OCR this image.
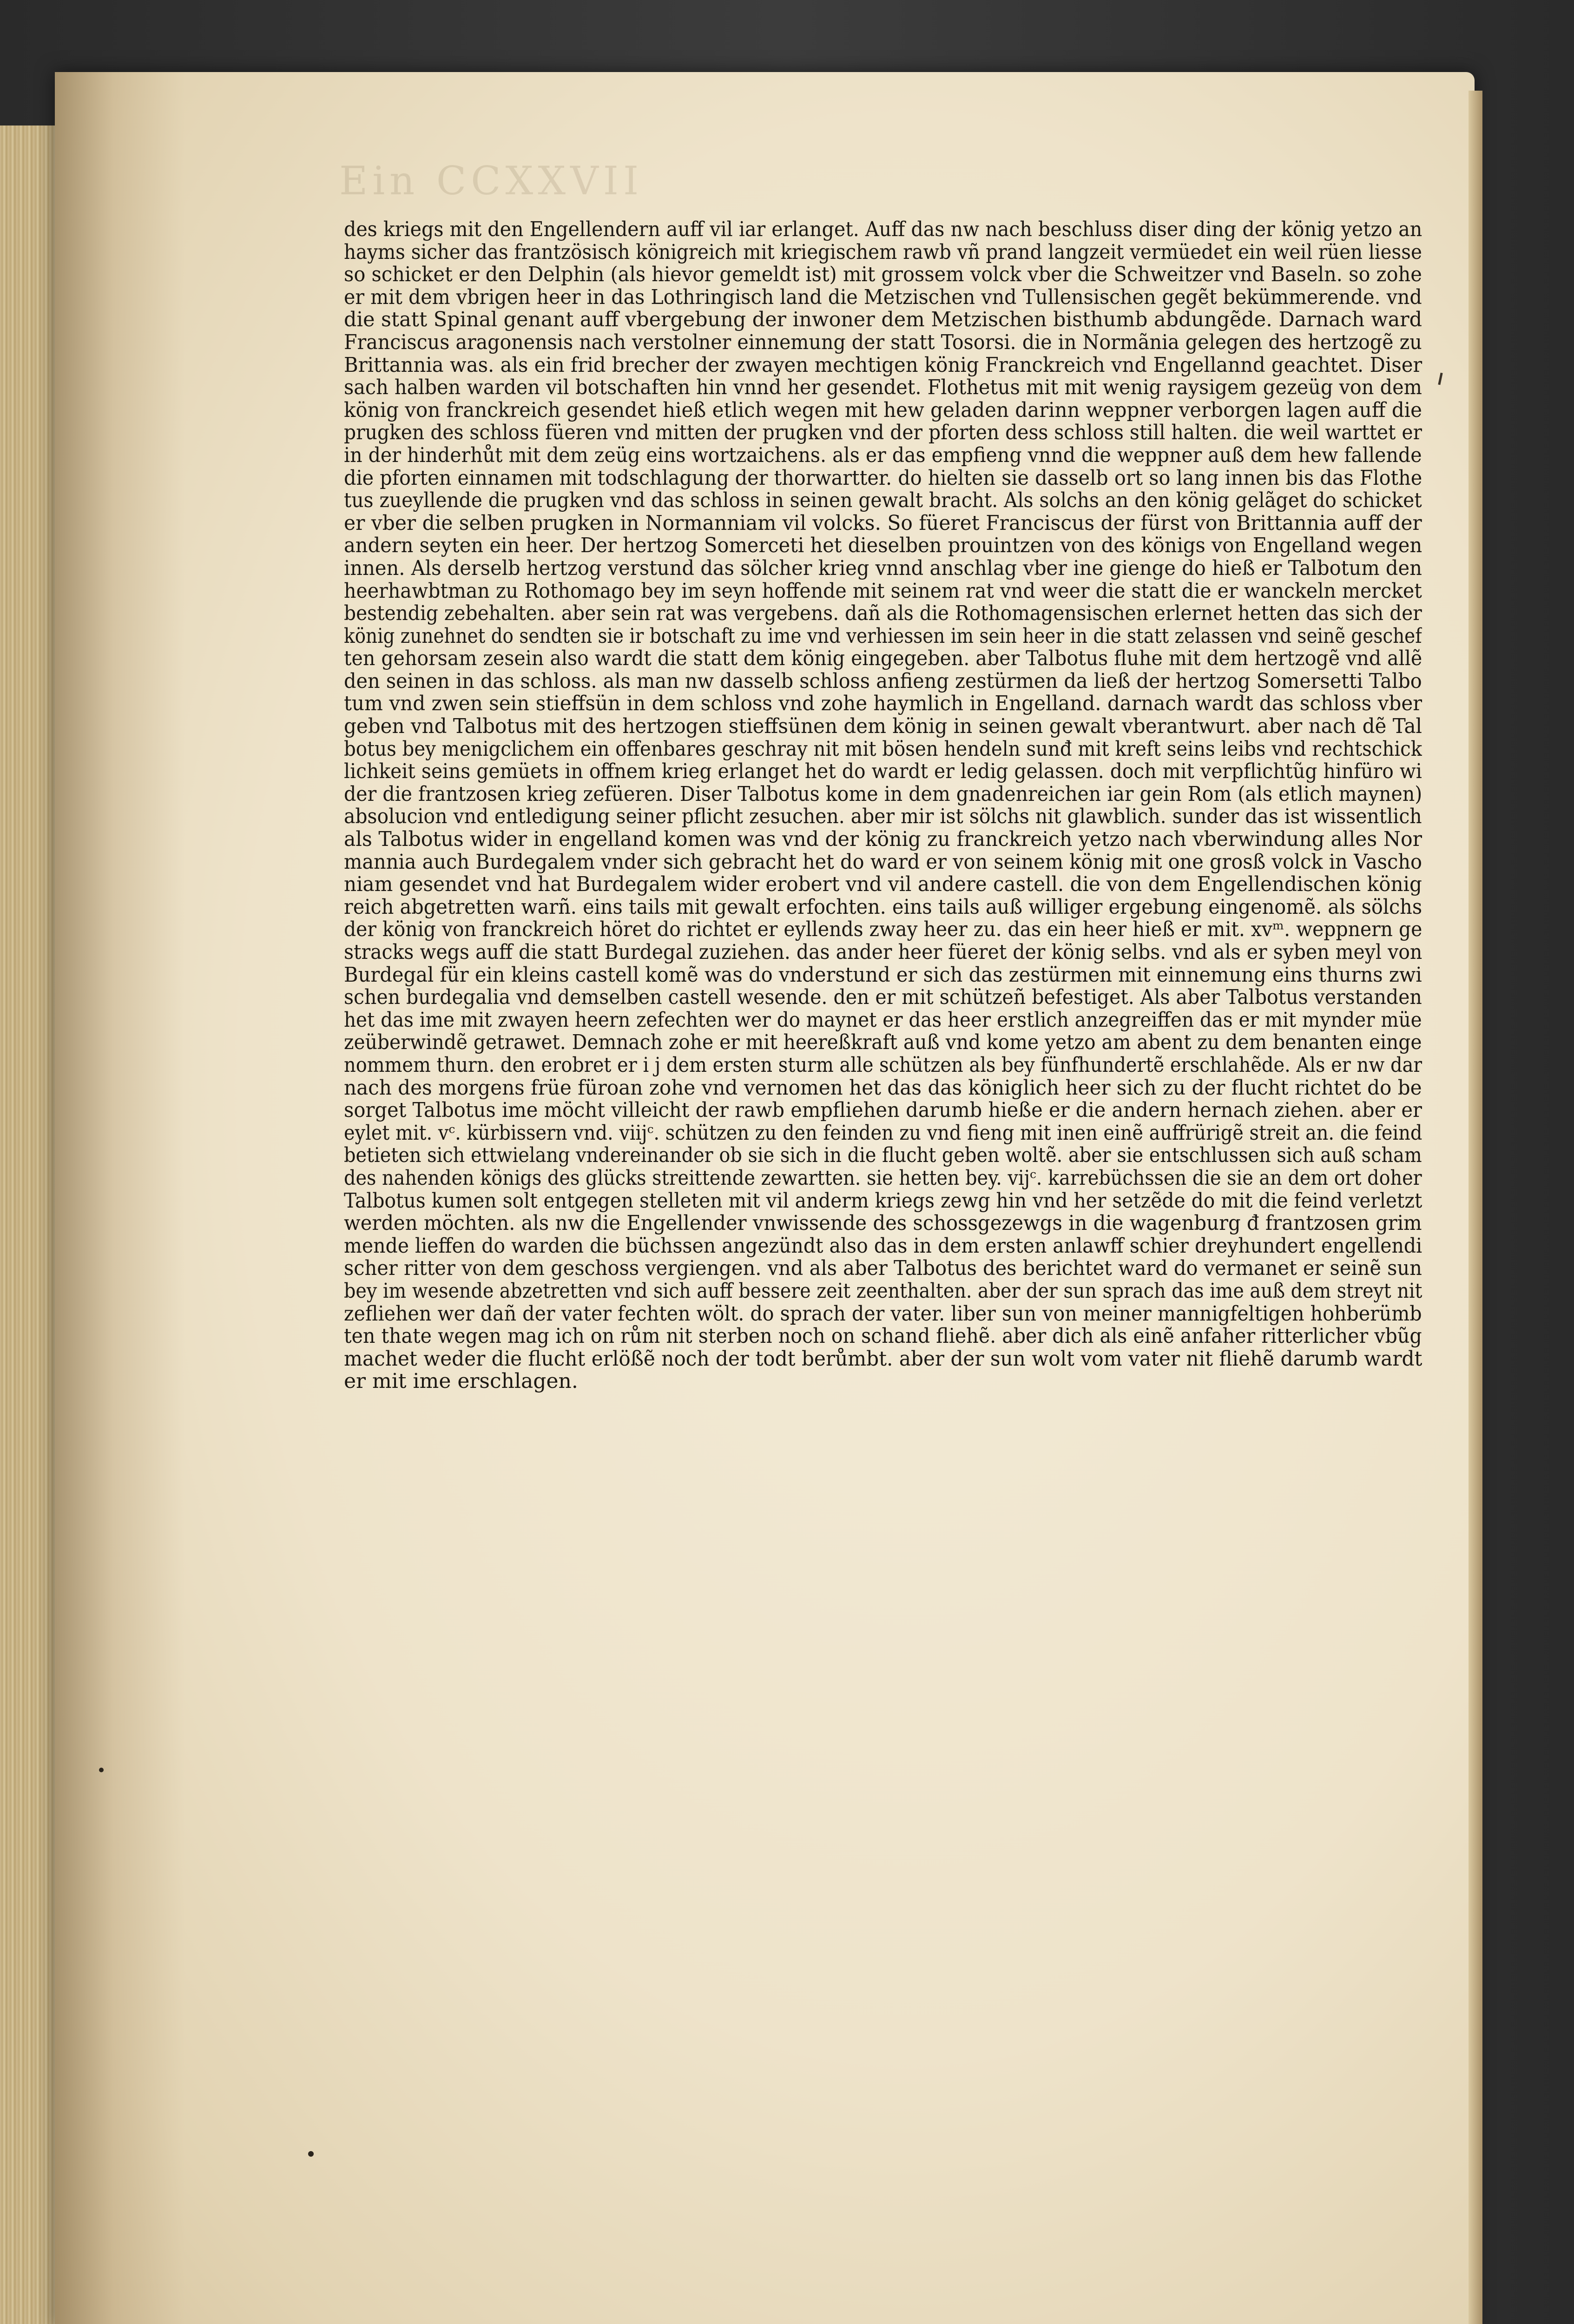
Ein CCXXVII
des kriegs mit den Engellendern auff vil iar erlanget. Auff das nw nach beschluss diser ding der könig yetzo an
hayms sicher das frantzösisch königreich mit kriegischem rawb vñ prand langzeit vermüedet ein weil rüen liesse
so schicket er den Delphin (als hievor gemeldt ist) mit grossem volck vber die Schweitzer vnd Baseln. so zohe
er mit dem vbrigen heer in das Lothringisch land die Metzischen vnd Tullensischen gegẽt bekümmerende. vnd
die statt Spinal genant auff vbergebung der inwoner dem Metzischen bisthumb abdungẽde. Darnach ward
Franciscus aragonensis nach verstolner einnemung der statt Tosorsi. die in Normãnia gelegen des hertzogẽ zu
Brittannia was. als ein frid brecher der zwayen mechtigen könig Franckreich vnd Engellannd geachtet. Diser
sach halben warden vil botschaften hin vnnd her gesendet. Flothetus mit mit wenig raysigem gezeüg von dem
könig von franckreich gesendet hieß etlich wegen mit hew geladen darinn weppner verborgen lagen auff die
prugken des schloss füeren vnd mitten der prugken vnd der pforten dess schloss still halten. die weil warttet er
in der hinderhůt mit dem zeüg eins wortzaichens. als er das empfieng vnnd die weppner auß dem hew fallende
die pforten einnamen mit todschlagung der thorwartter. do hielten sie dasselb ort so lang innen bis das Flothe
tus zueyllende die prugken vnd das schloss in seinen gewalt bracht. Als solchs an den könig gelãget do schicket
er vber die selben prugken in Normanniam vil volcks. So füeret Franciscus der fürst von Brittannia auff der
andern seyten ein heer. Der hertzog Somerceti het dieselben prouintzen von des königs von Engelland wegen
innen. Als derselb hertzog verstund das sölcher krieg vnnd anschlag vber ine gienge do hieß er Talbotum den
heerhawbtman zu Rothomago bey im seyn hoffende mit seinem rat vnd weer die statt die er wanckeln mercket
bestendig zebehalten. aber sein rat was vergebens. dañ als die Rothomagensischen erlernet hetten das sich der
könig zunehnet do sendten sie ir botschaft zu ime vnd verhiessen im sein heer in die statt zelassen vnd seinẽ geschef
ten gehorsam zesein also wardt die statt dem könig eingegeben. aber Talbotus fluhe mit dem hertzogẽ vnd allẽ
den seinen in das schloss. als man nw dasselb schloss anfieng zestürmen da ließ der hertzog Somersetti Talbo
tum vnd zwen sein stieffsün in dem schloss vnd zohe haymlich in Engelland. darnach wardt das schloss vber
geben vnd Talbotus mit des hertzogen stieffsünen dem könig in seinen gewalt vberantwurt. aber nach dẽ Tal
botus bey menigclichem ein offenbares geschray nit mit bösen hendeln sunđ mit kreft seins leibs vnd rechtschick
lichkeit seins gemüets in offnem krieg erlanget het do wardt er ledig gelassen. doch mit verpflichtũg hinfüro wi
der die frantzosen krieg zefüeren. Diser Talbotus kome in dem gnadenreichen iar gein Rom (als etlich maynen)
absolucion vnd entledigung seiner pflicht zesuchen. aber mir ist sölchs nit glawblich. sunder das ist wissentlich
als Talbotus wider in engelland komen was vnd der könig zu franckreich yetzo nach vberwindung alles Nor
mannia auch Burdegalem vnder sich gebracht het do ward er von seinem könig mit one grosß volck in Vascho
niam gesendet vnd hat Burdegalem wider erobert vnd vil andere castell. die von dem Engellendischen könig
reich abgetretten warñ. eins tails mit gewalt erfochten. eins tails auß williger ergebung eingenomẽ. als sölchs
der könig von franckreich höret do richtet er eyllends zway heer zu. das ein heer hieß er mit. xvᵐ. weppnern ge
stracks wegs auff die statt Burdegal zuziehen. das ander heer füeret der könig selbs. vnd als er syben meyl von
Burdegal für ein kleins castell komẽ was do vnderstund er sich das zestürmen mit einnemung eins thurns zwi
schen burdegalia vnd demselben castell wesende. den er mit schützeñ befestiget. Als aber Talbotus verstanden
het das ime mit zwayen heern zefechten wer do maynet er das heer erstlich anzegreiffen das er mit mynder müe
zeüberwindẽ getrawet. Demnach zohe er mit heereßkraft auß vnd kome yetzo am abent zu dem benanten einge
nommem thurn. den erobret er i j dem ersten sturm alle schützen als bey fünfhundertẽ erschlahẽde. Als er nw dar
nach des morgens früe füroan zohe vnd vernomen het das das königlich heer sich zu der flucht richtet do be
sorget Talbotus ime möcht villeicht der rawb empfliehen darumb hieße er die andern hernach ziehen. aber er
eylet mit. vᶜ. kürbissern vnd. viijᶜ. schützen zu den feinden zu vnd fieng mit inen einẽ auffrürigẽ streit an. die feind
betieten sich ettwielang vndereinander ob sie sich in die flucht geben woltẽ. aber sie entschlussen sich auß scham
des nahenden königs des glücks streittende zewartten. sie hetten bey. vijᶜ. karrebüchssen die sie an dem ort doher
Talbotus kumen solt entgegen stelleten mit vil anderm kriegs zewg hin vnd her setzẽde do mit die feind verletzt
werden möchten. als nw die Engellender vnwissende des schossgezewgs in die wagenburg đ frantzosen grim
mende lieffen do warden die büchssen angezündt also das in dem ersten anlawff schier dreyhundert engellendi
scher ritter von dem geschoss vergiengen. vnd als aber Talbotus des berichtet ward do vermanet er seinẽ sun
bey im wesende abzetretten vnd sich auff bessere zeit zeenthalten. aber der sun sprach das ime auß dem streyt nit
zefliehen wer dañ der vater fechten wölt. do sprach der vater. liber sun von meiner mannigfeltigen hohberümb
ten thate wegen mag ich on rům nit sterben noch on schand fliehẽ. aber dich als einẽ anfaher ritterlicher vbũg
machet weder die flucht erlößẽ noch der todt berůmbt. aber der sun wolt vom vater nit fliehẽ darumb wardt
er mit ime erschlagen.
